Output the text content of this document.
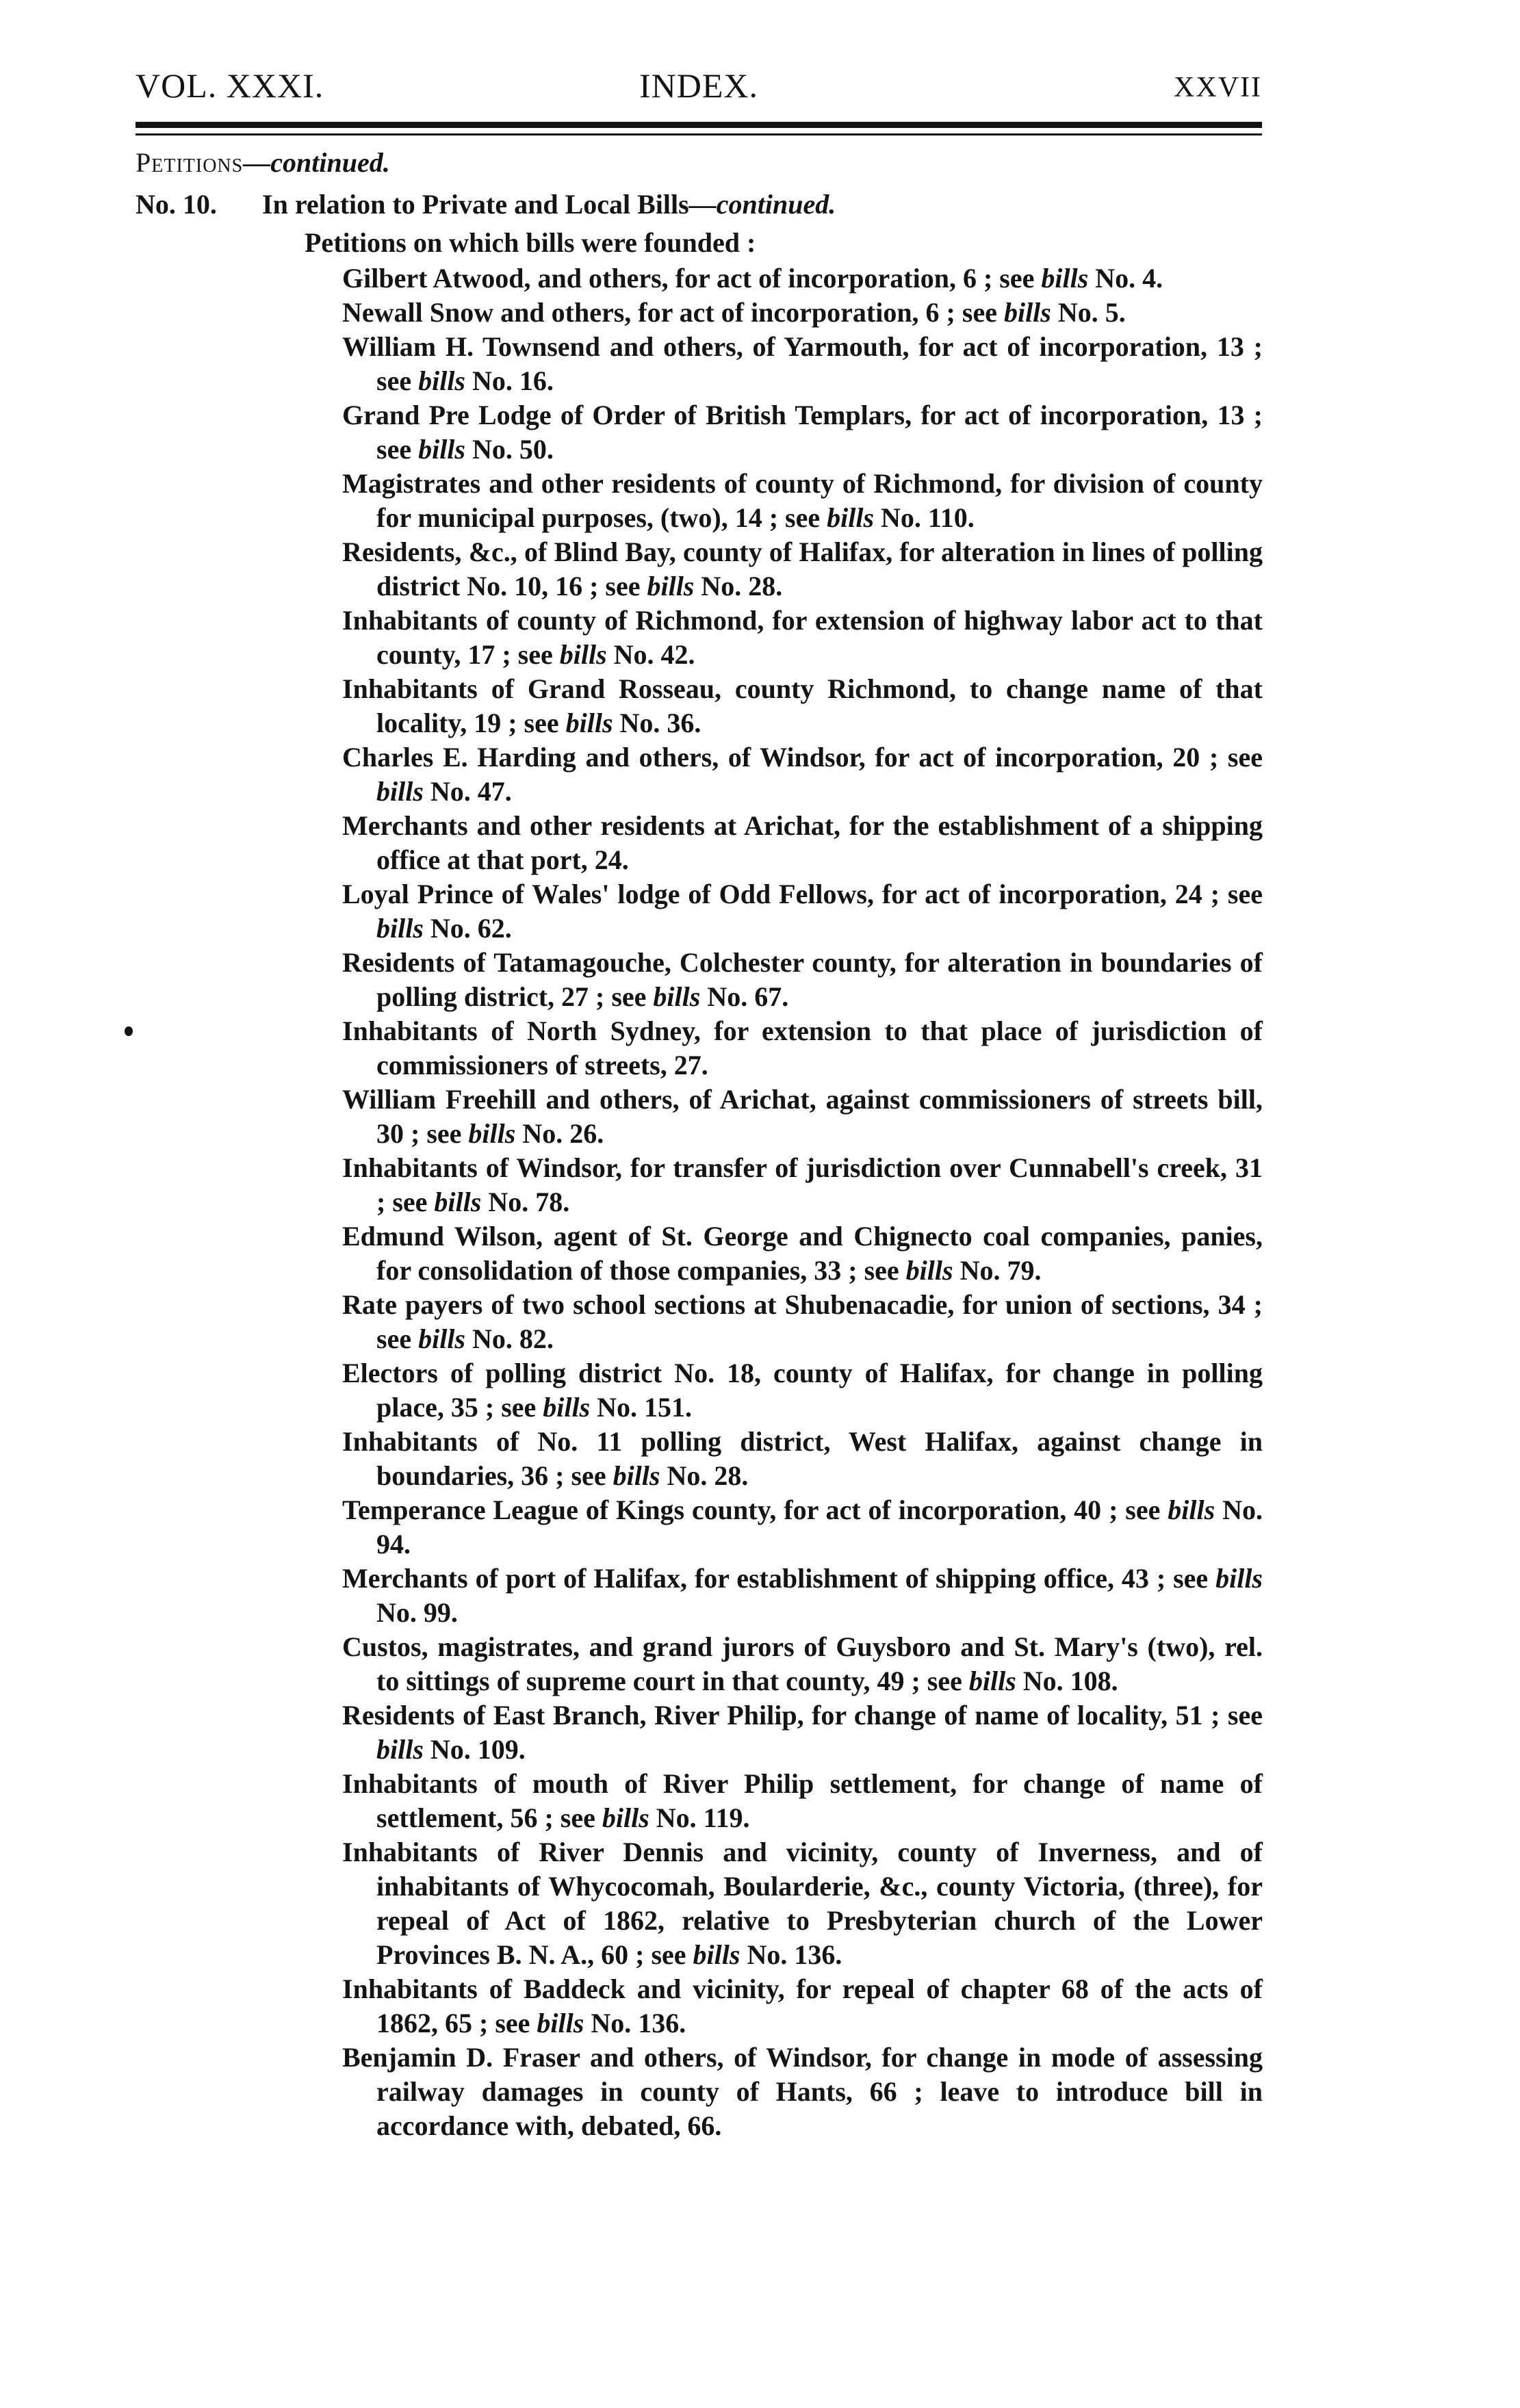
VOL. XXXI.	INDEX.	XXVII
Petitions—continued.
No. 10. In relation to Private and Local Bills—continued.
Petitions on which bills were founded :

Gilbert Atwood, and others, for act of incorporation, 6 ; see bills No. 4.

Newall Snow and others, for act of incorporation, 6 ; see bills No. 5.

William H. Townsend and others, of Yarmouth, for act of incorporation, 13 ; see bills No. 16.

Grand Pre Lodge of Order of British Templars, for act of incorporation, 13 ; see bills No. 50.

Magistrates and other residents of county of Richmond, for division of county for municipal purposes, (two), 14 ; see bills No. 110.

Residents, &c., of Blind Bay, county of Halifax, for alteration in lines of polling district No. 10, 16 ; see bills No. 28.

Inhabitants of county of Richmond, for extension of highway labor act to that county, 17 ; see bills No. 42.

Inhabitants of Grand Rosseau, county Richmond, to change name of that locality, 19 ; see bills No. 36.

Charles E. Harding and others, of Windsor, for act of incorporation, 20 ; see bills No. 47.

Merchants and other residents at Arichat, for the establishment of a shipping office at that port, 24.

Loyal Prince of Wales' lodge of Odd Fellows, for act of incorporation, 24 ; see bills No. 62.

Residents of Tatamagouche, Colchester county, for alteration in boundaries of polling district, 27 ; see bills No. 67.

Inhabitants of North Sydney, for extension to that place of jurisdiction of commissioners of streets, 27.

William Freehill and others, of Arichat, against commissioners of streets bill, 30 ; see bills No. 26.

Inhabitants of Windsor, for transfer of jurisdiction over Cunnabell's creek, 31 ; see bills No. 78.

Edmund Wilson, agent of St. George and Chignecto coal companies, panies, for consolidation of those companies, 33 ; see bills No. 79.

Rate payers of two school sections at Shubenacadie, for union of sections, 34 ; see bills No. 82.

Electors of polling district No. 18, county of Halifax, for change in polling place, 35 ; see bills No. 151.

Inhabitants of No. 11 polling district, West Halifax, against change in boundaries, 36 ; see bills No. 28.

Temperance League of Kings county, for act of incorporation, 40 ; see bills No. 94.

Merchants of port of Halifax, for establishment of shipping office, 43 ; see bills No. 99.

Custos, magistrates, and grand jurors of Guysboro and St. Mary's (two), rel. to sittings of supreme court in that county, 49 ; see bills No. 108.

Residents of East Branch, River Philip, for change of name of locality, 51 ; see bills No. 109.

Inhabitants of mouth of River Philip settlement, for change of name of settlement, 56 ; see bills No. 119.

Inhabitants of River Dennis and vicinity, county of Inverness, and of inhabitants of Whycocomah, Boularderie, &c., county Victoria, (three), for repeal of Act of 1862, relative to Presbyterian church of the Lower Provinces B. N. A., 60 ; see bills No. 136.

Inhabitants of Baddeck and vicinity, for repeal of chapter 68 of the acts of 1862, 65 ; see bills No. 136.

Benjamin D. Fraser and others, of Windsor, for change in mode of assessing railway damages in county of Hants, 66 ; leave to introduce bill in accordance with, debated, 66.
